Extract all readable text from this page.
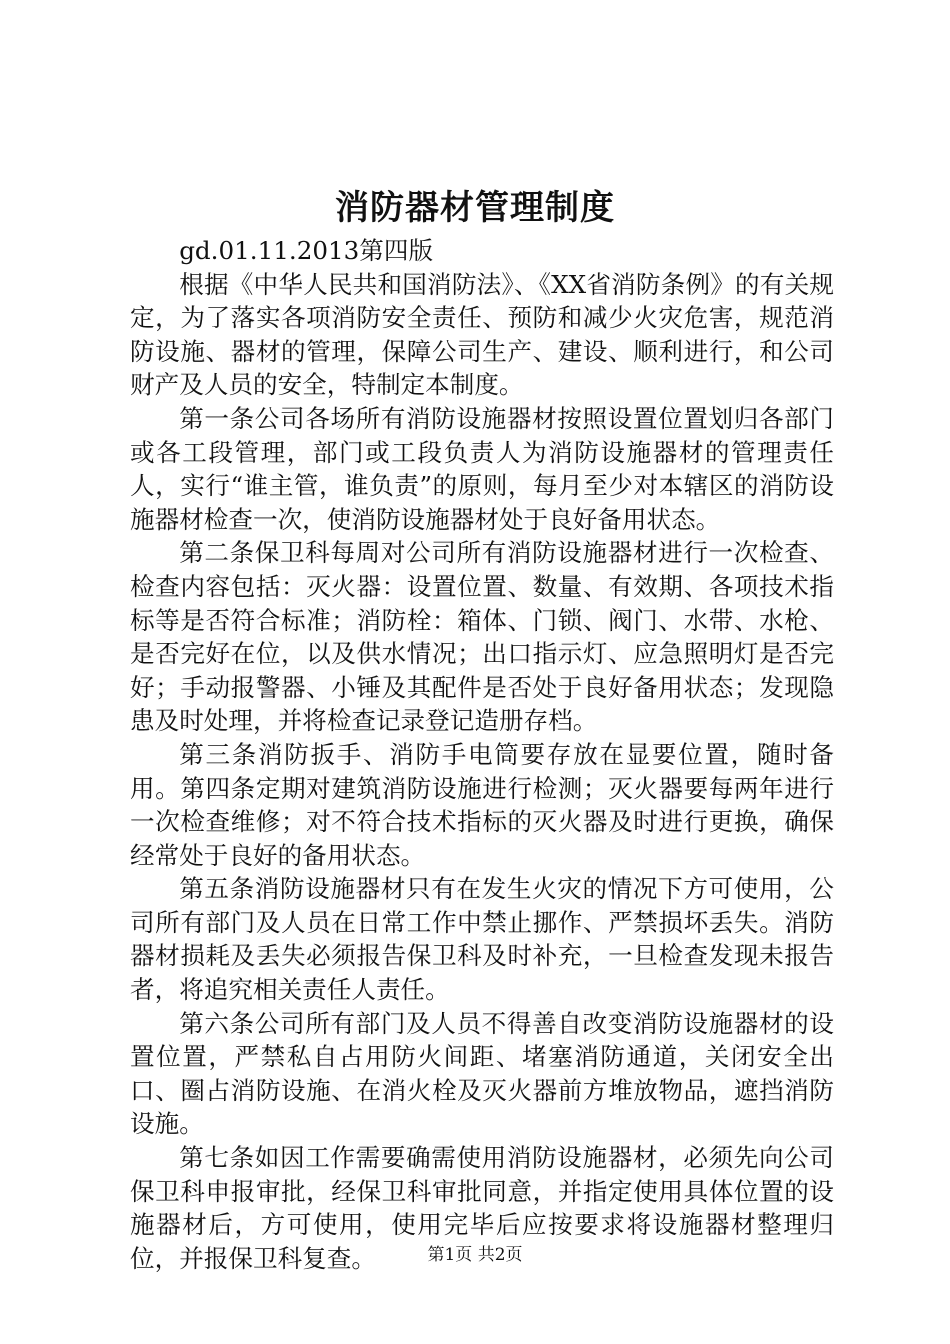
消防器材管理制度

gd.01.11.2013第四版

根据《中华人民共和国消防法》、《XX省消防条例》的有关规定，为了落实各项消防安全责任、预防和减少火灾危害，规范消防设施、器材的管理，保障公司生产、建设、顺利进行，和公司财产及人员的安全，特制定本制度。

第一条公司各场所有消防设施器材按照设置位置划归各部门或各工段管理，部门或工段负责人为消防设施器材的管理责任人，实行“谁主管，谁负责”的原则，每月至少对本辖区的消防设施器材检查一次，使消防设施器材处于良好备用状态。

第二条保卫科每周对公司所有消防设施器材进行一次检查、检查内容包括：灭火器：设置位置、数量、有效期、各项技术指标等是否符合标准；消防栓：箱体、门锁、阀门、水带、水枪、是否完好在位，以及供水情况；出口指示灯、应急照明灯是否完好；手动报警器、小锤及其配件是否处于良好备用状态；发现隐患及时处理，并将检查记录登记造册存档。

第三条消防扳手、消防手电筒要存放在显要位置，随时备用。第四条定期对建筑消防设施进行检测；灭火器要每两年进行一次检查维修；对不符合技术指标的灭火器及时进行更换，确保经常处于良好的备用状态。

第五条消防设施器材只有在发生火灾的情况下方可使用，公司所有部门及人员在日常工作中禁止挪作、严禁损坏丢失。消防器材损耗及丢失必须报告保卫科及时补充，一旦检查发现未报告者，将追究相关责任人责任。

第六条公司所有部门及人员不得善自改变消防设施器材的设置位置，严禁私自占用防火间距、堵塞消防通道，关闭安全出口、圈占消防设施、在消火栓及灭火器前方堆放物品，遮挡消防设施。

第七条如因工作需要确需使用消防设施器材，必须先向公司保卫科申报审批，经保卫科审批同意，并指定使用具体位置的设施器材后，方可使用，使用完毕后应按要求将设施器材整理归位，并报保卫科复查。	第1页 共2页
